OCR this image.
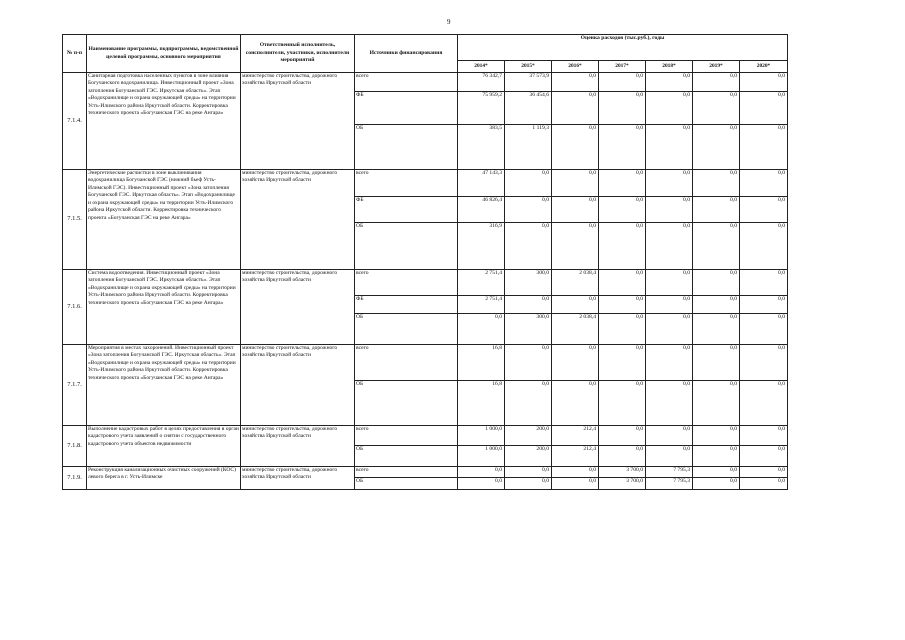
9
№ п-п	Наименование программы, подпрограммы, ведомственной целевой программы, основного мероприятия	Ответственный исполнитель, соисполнители, участники, исполнители мероприятий	Источники финансирования	Оценка расходов (тыс.руб.), годы						
				2014*	2015*	2016*	2017*	2018*	2019*	2020*
7.1.4.	Санитарная подготовка населенных пунктов в зоне влияния Богучанского водохранилища. Инвестиционный проект «Зона затопления Богучанской ГЭС. Иркутская область». Этап «Водохранилище и охрана окружающей среды» на территории Усть-Илимского района Иркутской области. Корректировка технического проекта «Богучанская ГЭС на реке Ангара»	министерство строительства, дорожного хозяйства Иркутской области	всего	76 342,7	37 573,9	0,0	0,0	0,0	0,0	0,0
			ФБ	75 959,2	36 454,6	0,0	0,0	0,0	0,0	0,0
			ОБ	383,5	1 119,3	0,0	0,0	0,0	0,0	0,0
7.1.5.	Энергетические расчистки в зоне выклинивания водохранилища Богучанской ГЭС (нижний бьеф Усть-Илимской ГЭС). Инвестиционный проект «Зона затопления Богучанской ГЭС. Иркутская область». Этап «Водохранилище и охрана окружающей среды» на территории Усть-Илимского района Иркутской области. Корректировка технического проекта «Богучанская ГЭС на реке Ангара»	министерство строительства, дорожного хозяйства Иркутской области	всего	47 143,3	0,0	0,0	0,0	0,0	0,0	0,0
			ФБ	46 826,4	0,0	0,0	0,0	0,0	0,0	0,0
			ОБ	316,9	0,0	0,0	0,0	0,0	0,0	0,0
7.1.6.	Система водоотведения. Инвестиционный проект «Зона затопления Богучанской ГЭС. Иркутская область». Этап «Водохранилище и охрана окружающей среды» на территории Усть-Илимского района Иркутской области. Корректировка технического проекта «Богучанская ГЭС на реке Ангара»	министерство строительства, дорожного хозяйства Иркутской области	всего	2 751,4	300,0	2 038,4	0,0	0,0	0,0	0,0
			ФБ	2 751,4	0,0	0,0	0,0	0,0	0,0	0,0
			ОБ	0,0	300,0	2 038,4	0,0	0,0	0,0	0,0
7.1.7.	Мероприятия в местах захоронений. Инвестиционный проект «Зона затопления Богучанской ГЭС. Иркутская область». Этап «Водохранилище и охрана окружающей среды» на территории Усть-Илимского района Иркутской области. Корректировка технического проекта «Богучанская ГЭС на реке Ангара»	министерство строительства, дорожного хозяйства Иркутской области	всего	16,8	0,0	0,0	0,0	0,0	0,0	0,0
			ОБ	16,8	0,0	0,0	0,0	0,0	0,0	0,0
7.1.8.	Выполнение кадастровых работ в целях предоставления в орган кадастрового учета заявлений о снятии с государственного кадастрового учета объектов недвижимости	министерство строительства, дорожного хозяйства Иркутской области	всего	1 000,0	200,0	212,4	0,0	0,0	0,0	0,0
			ОБ	1 000,0	200,0	212,4	0,0	0,0	0,0	0,0
7.1.9.	Реконструкция канализационных очистных сооружений (КОС) левого берега в г. Усть-Илимске	министерство строительства, дорожного хозяйства Иркутской области	всего	0,0	0,0	0,0	3 700,0	7 795,3	0,0	0,0
			ОБ	0,0	0,0	0,0	3 700,0	7 795,3	0,0	0,0
